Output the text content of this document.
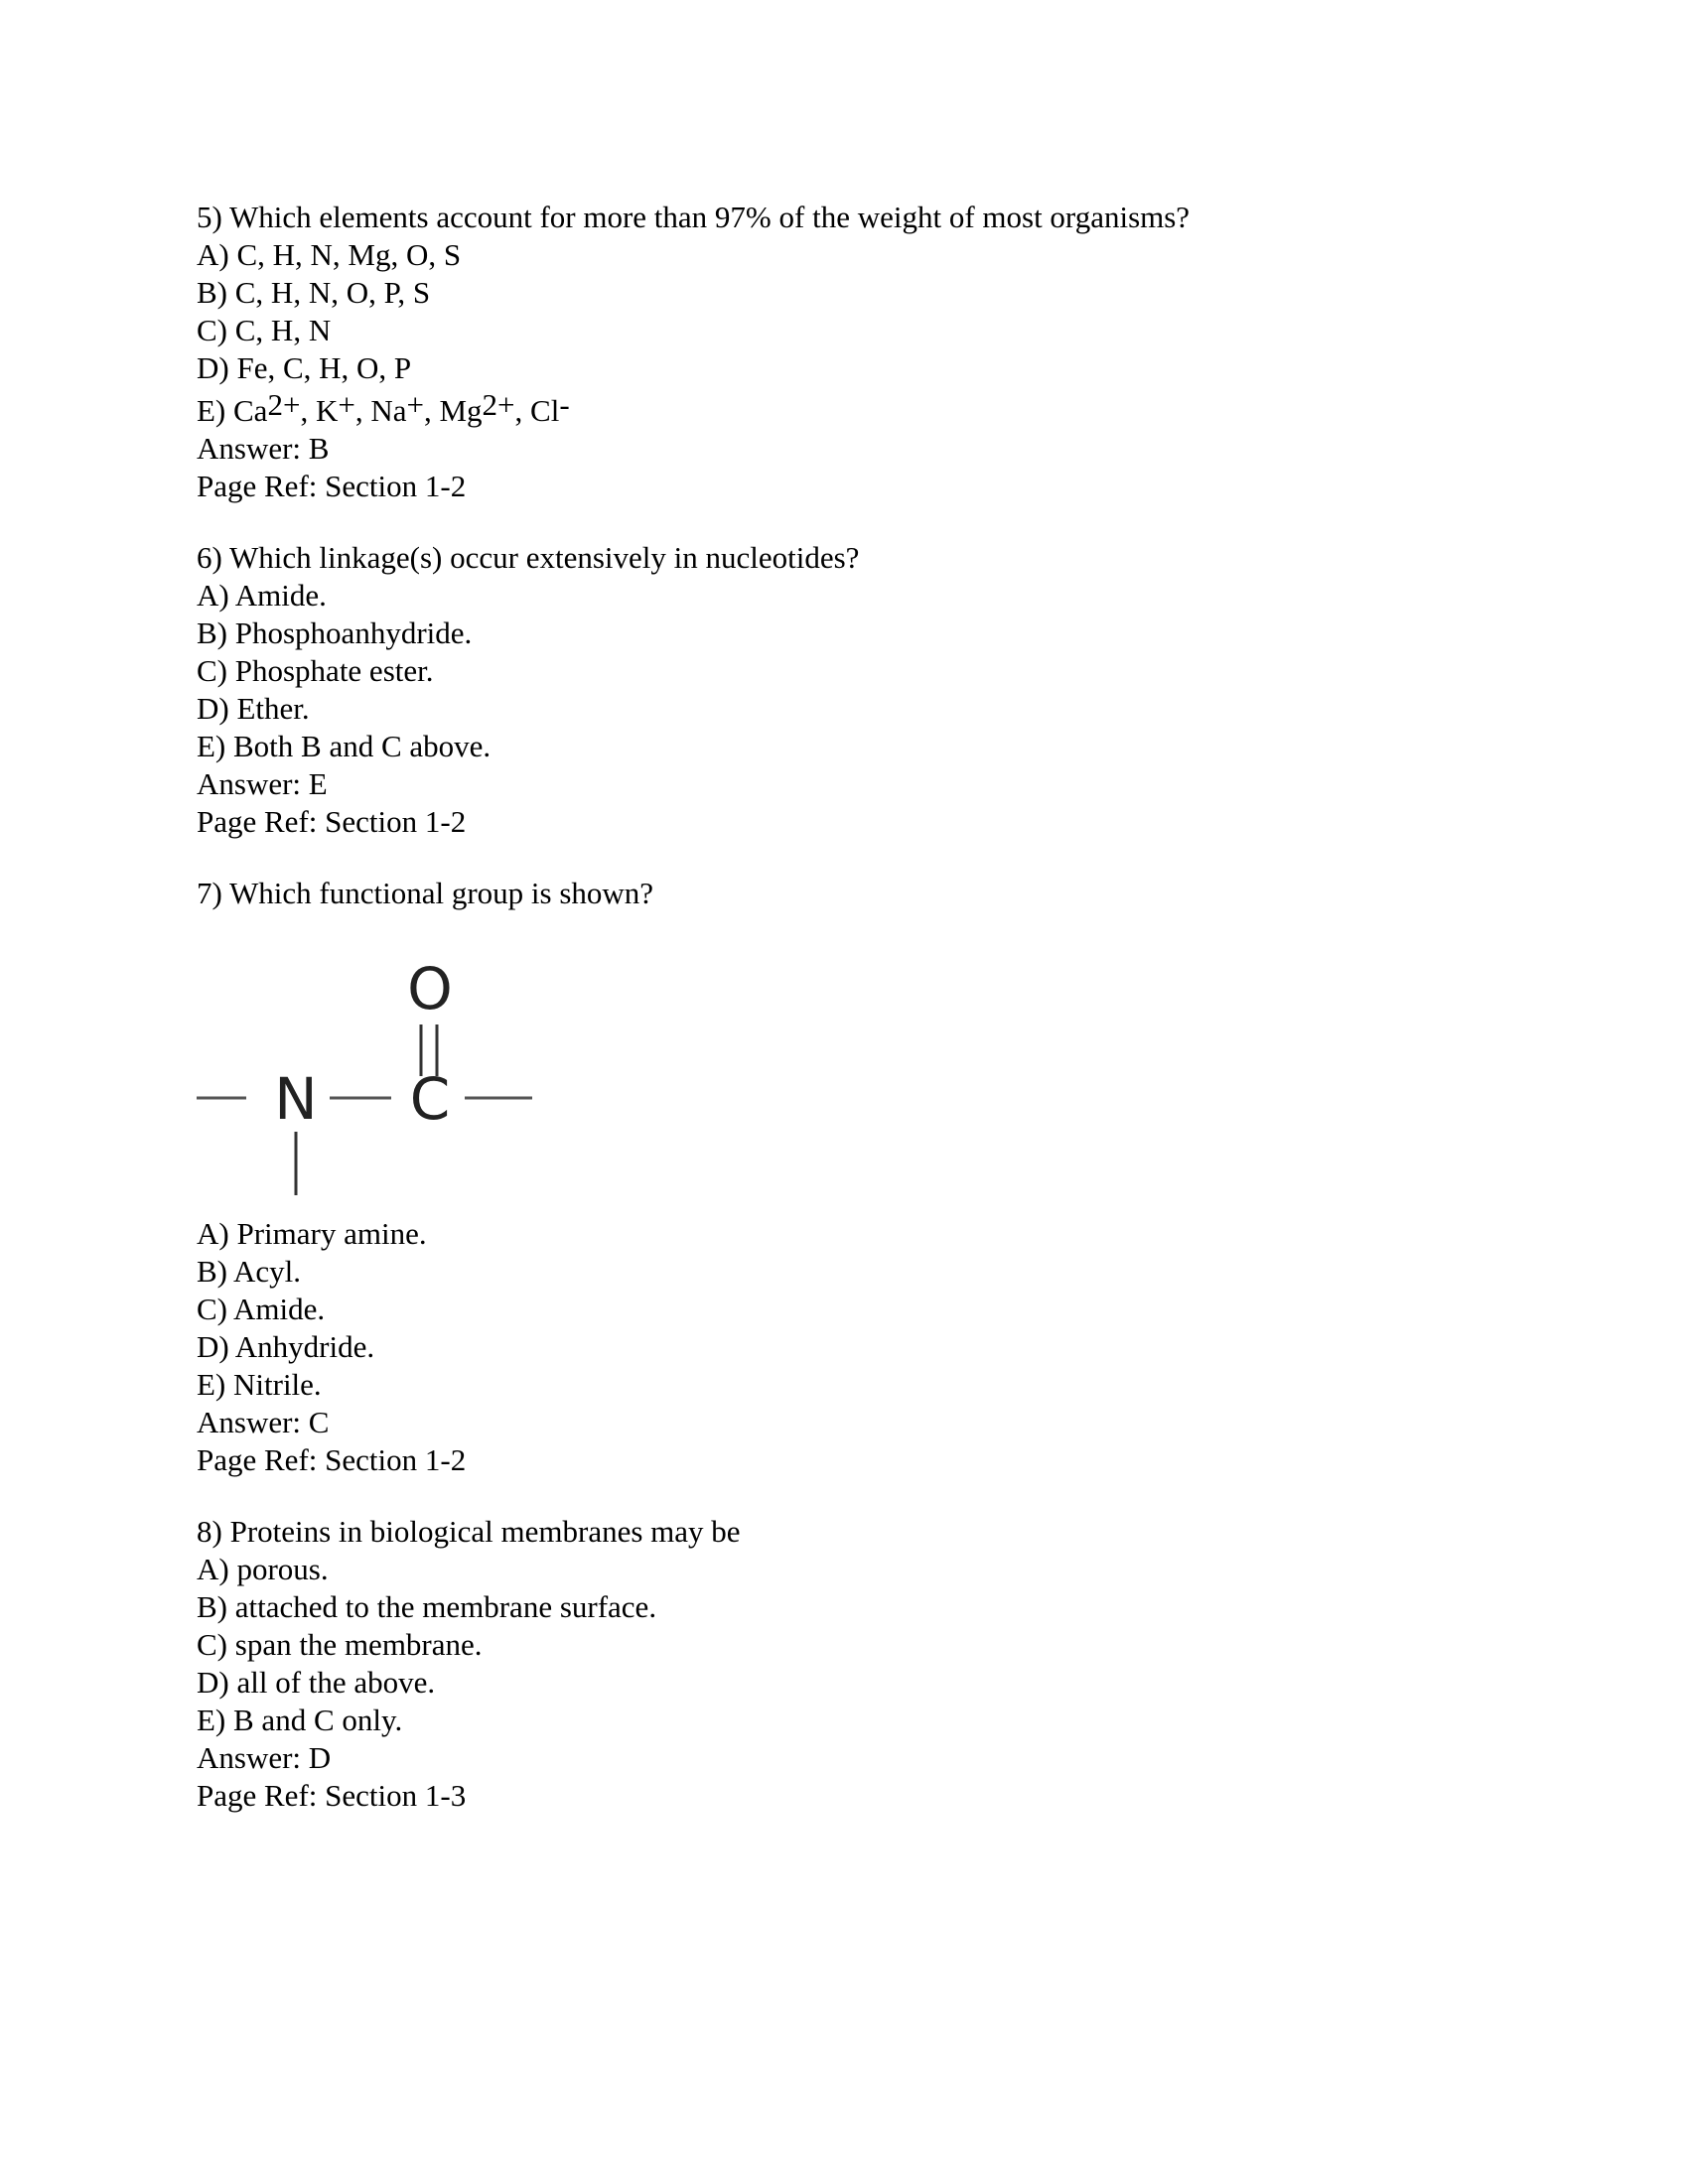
5) Which elements account for more than 97% of the weight of most organisms?
A) C, H, N, Mg, O, S
B) C, H, N, O, P, S
C) C, H, N
D) Fe, C, H, O, P
E) $Ca^{2+}$, K+, Na+, $Mg^{2+}$, Cl-
Answer: B
Page Ref: Section 1-2
6) Which linkage(s) occur extensively in nucleotides?
A) Amide.
B) Phosphoanhydride.
C) Phosphate ester.
D) Ether.
E) Both B and C above.
Answer: E
Page Ref: Section 1-2
7) Which functional group is shown?
O
N C
A) Primary amine.
B) Acyl.
C) Amide.
D) Anhydride.
E) Nitrile.
Answer: C
Page Ref: Section 1-2
8) Proteins in biological membranes may be
A) porous.
B) attached to the membrane surface.
C) span the membrane.
D) all of the above.
E) B and C only.
Answer: D
Page Ref: Section 1-3
